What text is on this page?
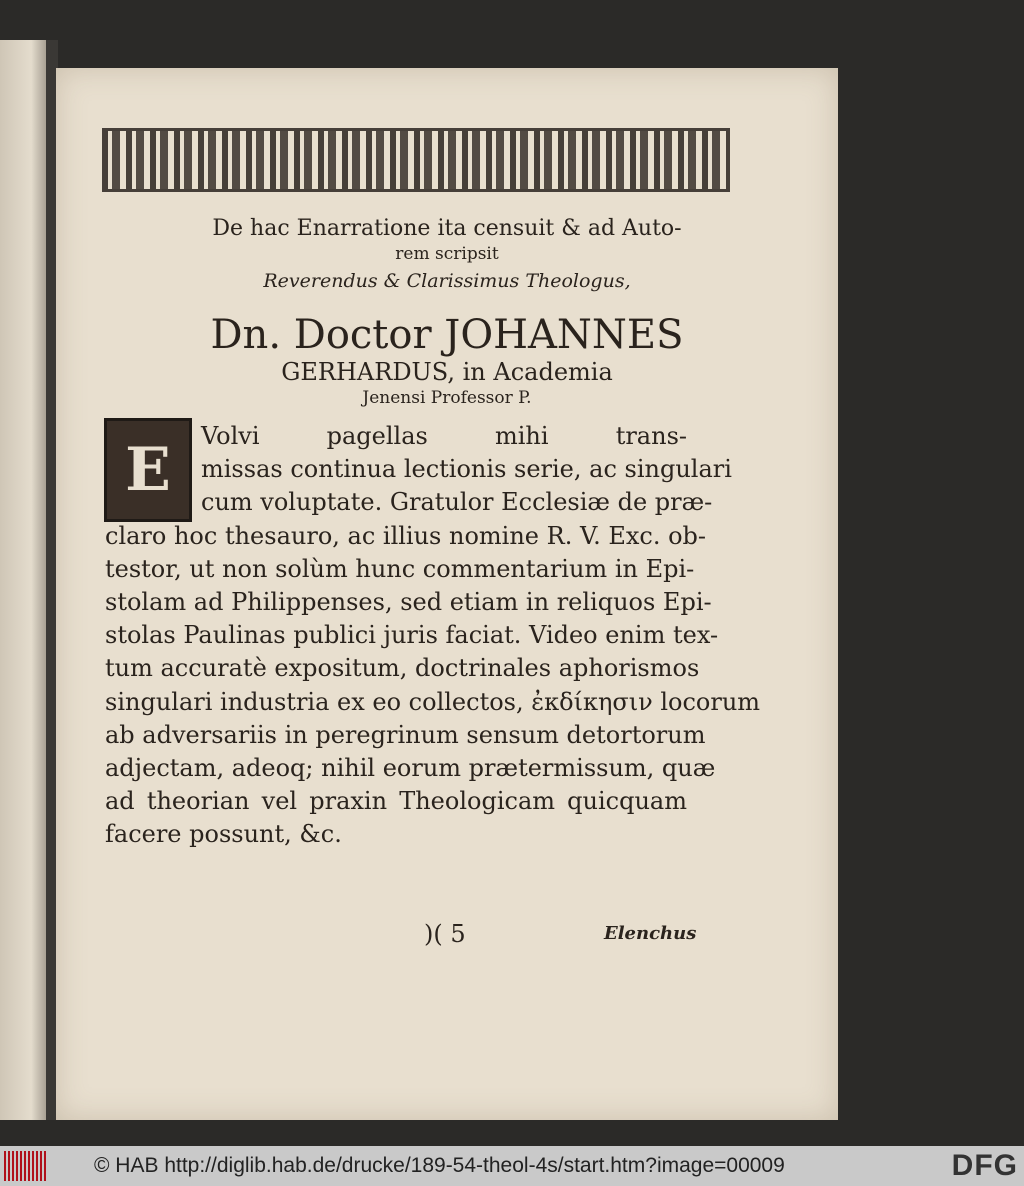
De hac Enarratione ita censuit & ad Auto-
rem scripsit
Reverendus & Clarissimus Theologus,
Dn. Doctor JOHANNES
GERHARDUS, in Academia
Jenensi Professor P.
Volvi pagellas mihi trans-
missas continua lectionis serie, ac singulari
cum voluptate. Gratulor Ecclesiæ de præ-
claro hoc thesauro, ac illius nomine R. V. Exc. ob-
testor, ut non solùm hunc commentarium in Epi-
stolam ad Philippenses, sed etiam in reliquos Epi-
stolas Paulinas publici juris faciat. Video enim tex-
tum accuratè expositum, doctrinales aphorismos
singulari industria ex eo collectos, ἐκδίκησιν locorum
ab adversariis in peregrinum sensum detortorum
adjectam, adeoq; nihil eorum prætermissum, quæ
ad theorian vel praxin Theologicam quicquam
facere possunt, &c.
E
)( 5	Elenchus
© HAB http://diglib.hab.de/drucke/189-54-theol-4s/start.htm?image=00009	DFG
